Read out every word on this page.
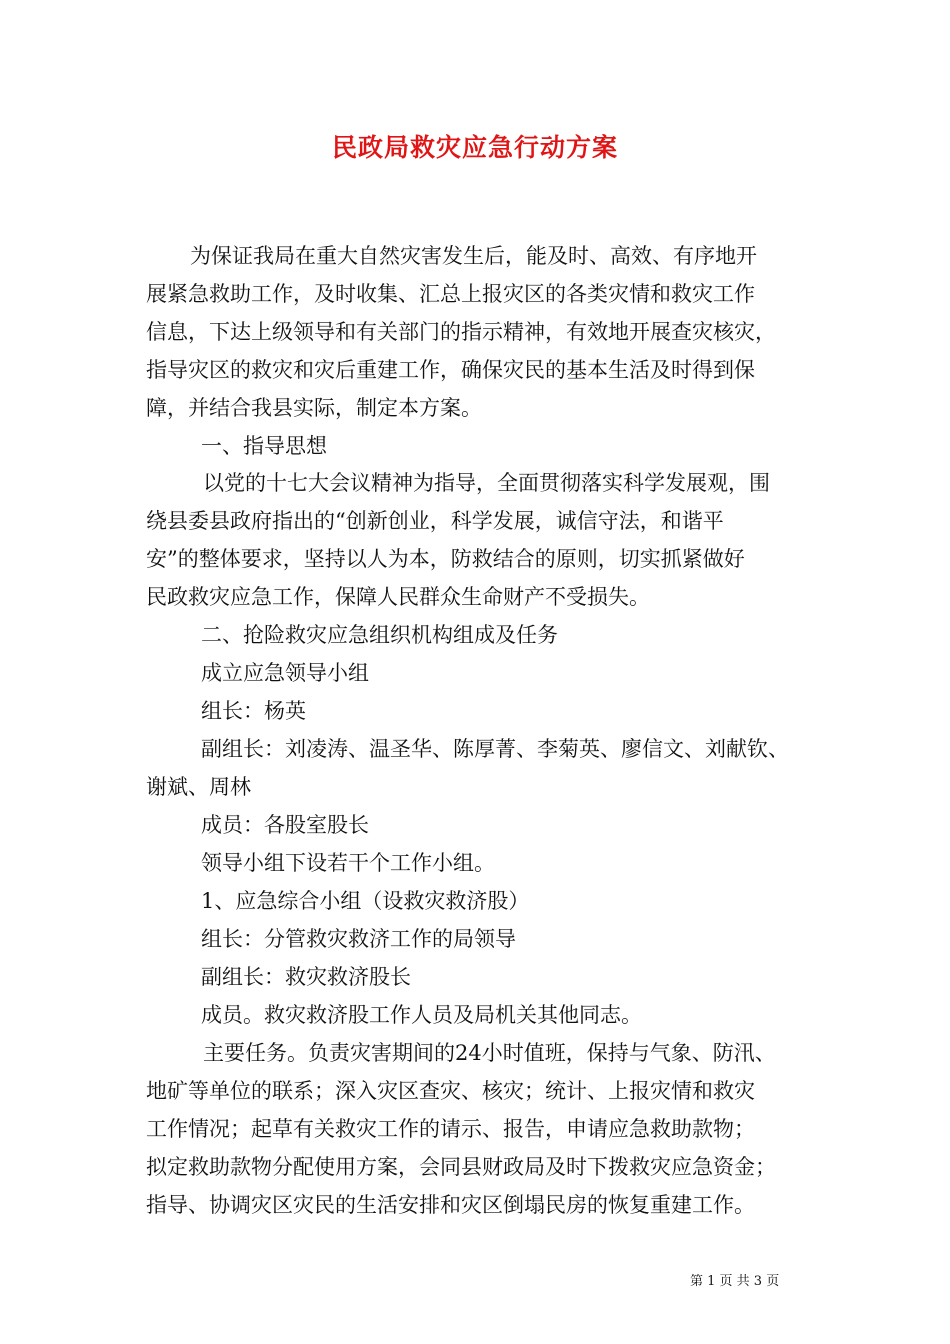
民政局救灾应急行动方案
为保证我局在重大自然灾害发生后，能及时、高效、有序地开
展紧急救助工作，及时收集、汇总上报灾区的各类灾情和救灾工作
信息，下达上级领导和有关部门的指示精神，有效地开展查灾核灾，
指导灾区的救灾和灾后重建工作，确保灾民的基本生活及时得到保
障，并结合我县实际，制定本方案。
一、指导思想
以党的十七大会议精神为指导，全面贯彻落实科学发展观，围
绕县委县政府指出的“创新创业，科学发展，诚信守法，和谐平
安”的整体要求，坚持以人为本，防救结合的原则，切实抓紧做好
民政救灾应急工作，保障人民群众生命财产不受损失。
二、抢险救灾应急组织机构组成及任务
成立应急领导小组
组长：杨英
副组长：刘凌涛、温圣华、陈厚菁、李菊英、廖信文、刘献钦、
谢斌、周林
成员：各股室股长
领导小组下设若干个工作小组。
1、应急综合小组（设救灾救济股）
组长：分管救灾救济工作的局领导
副组长：救灾救济股长
成员。救灾救济股工作人员及局机关其他同志。
主要任务。负责灾害期间的24小时值班，保持与气象、防汛、
地矿等单位的联系；深入灾区查灾、核灾；统计、上报灾情和救灾
工作情况；起草有关救灾工作的请示、报告，申请应急救助款物；
拟定救助款物分配使用方案，会同县财政局及时下拨救灾应急资金；
指导、协调灾区灾民的生活安排和灾区倒塌民房的恢复重建工作。
第 1 页 共 3 页
